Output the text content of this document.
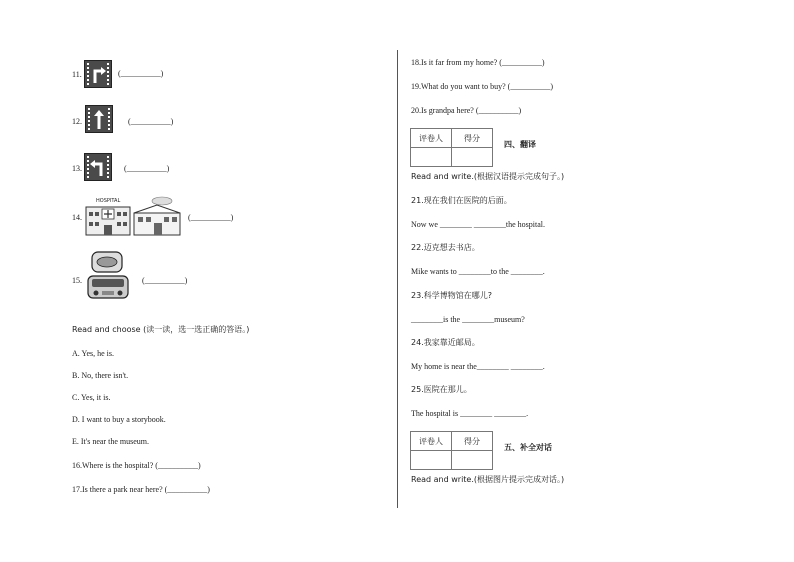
11.	(__________)
12.	(__________)
13.	(__________)
14.
HOSPITAL
(__________)
15.	(__________)
Read and choose (读一读，选一选正确的答语。)
A. Yes, he is.
B. No, there isn't.
C. Yes, it is.
D. I want to buy a storybook.
E. It's near the museum.
16.Where is the hospital? (__________)
17.Is there a park near here? (__________)
18.Is it far from my home? (__________)
19.What do you want to buy? (__________)
20.Is grandpa here? (__________)
评卷人	得分

四、翻译
Read and write.(根据汉语提示完成句子。)
21.现在我们在医院的后面。
Now we ________ ________the hospital.
22.迈克想去书店。
Mike wants to ________to the ________.
23.科学博物馆在哪儿?
________is the ________museum?
24.我家靠近邮局。
My home is near the________ ________.
25.医院在那儿。
The hospital is ________ ________.
评卷人	得分

五、补全对话
Read and write.(根据图片提示完成对话。)
